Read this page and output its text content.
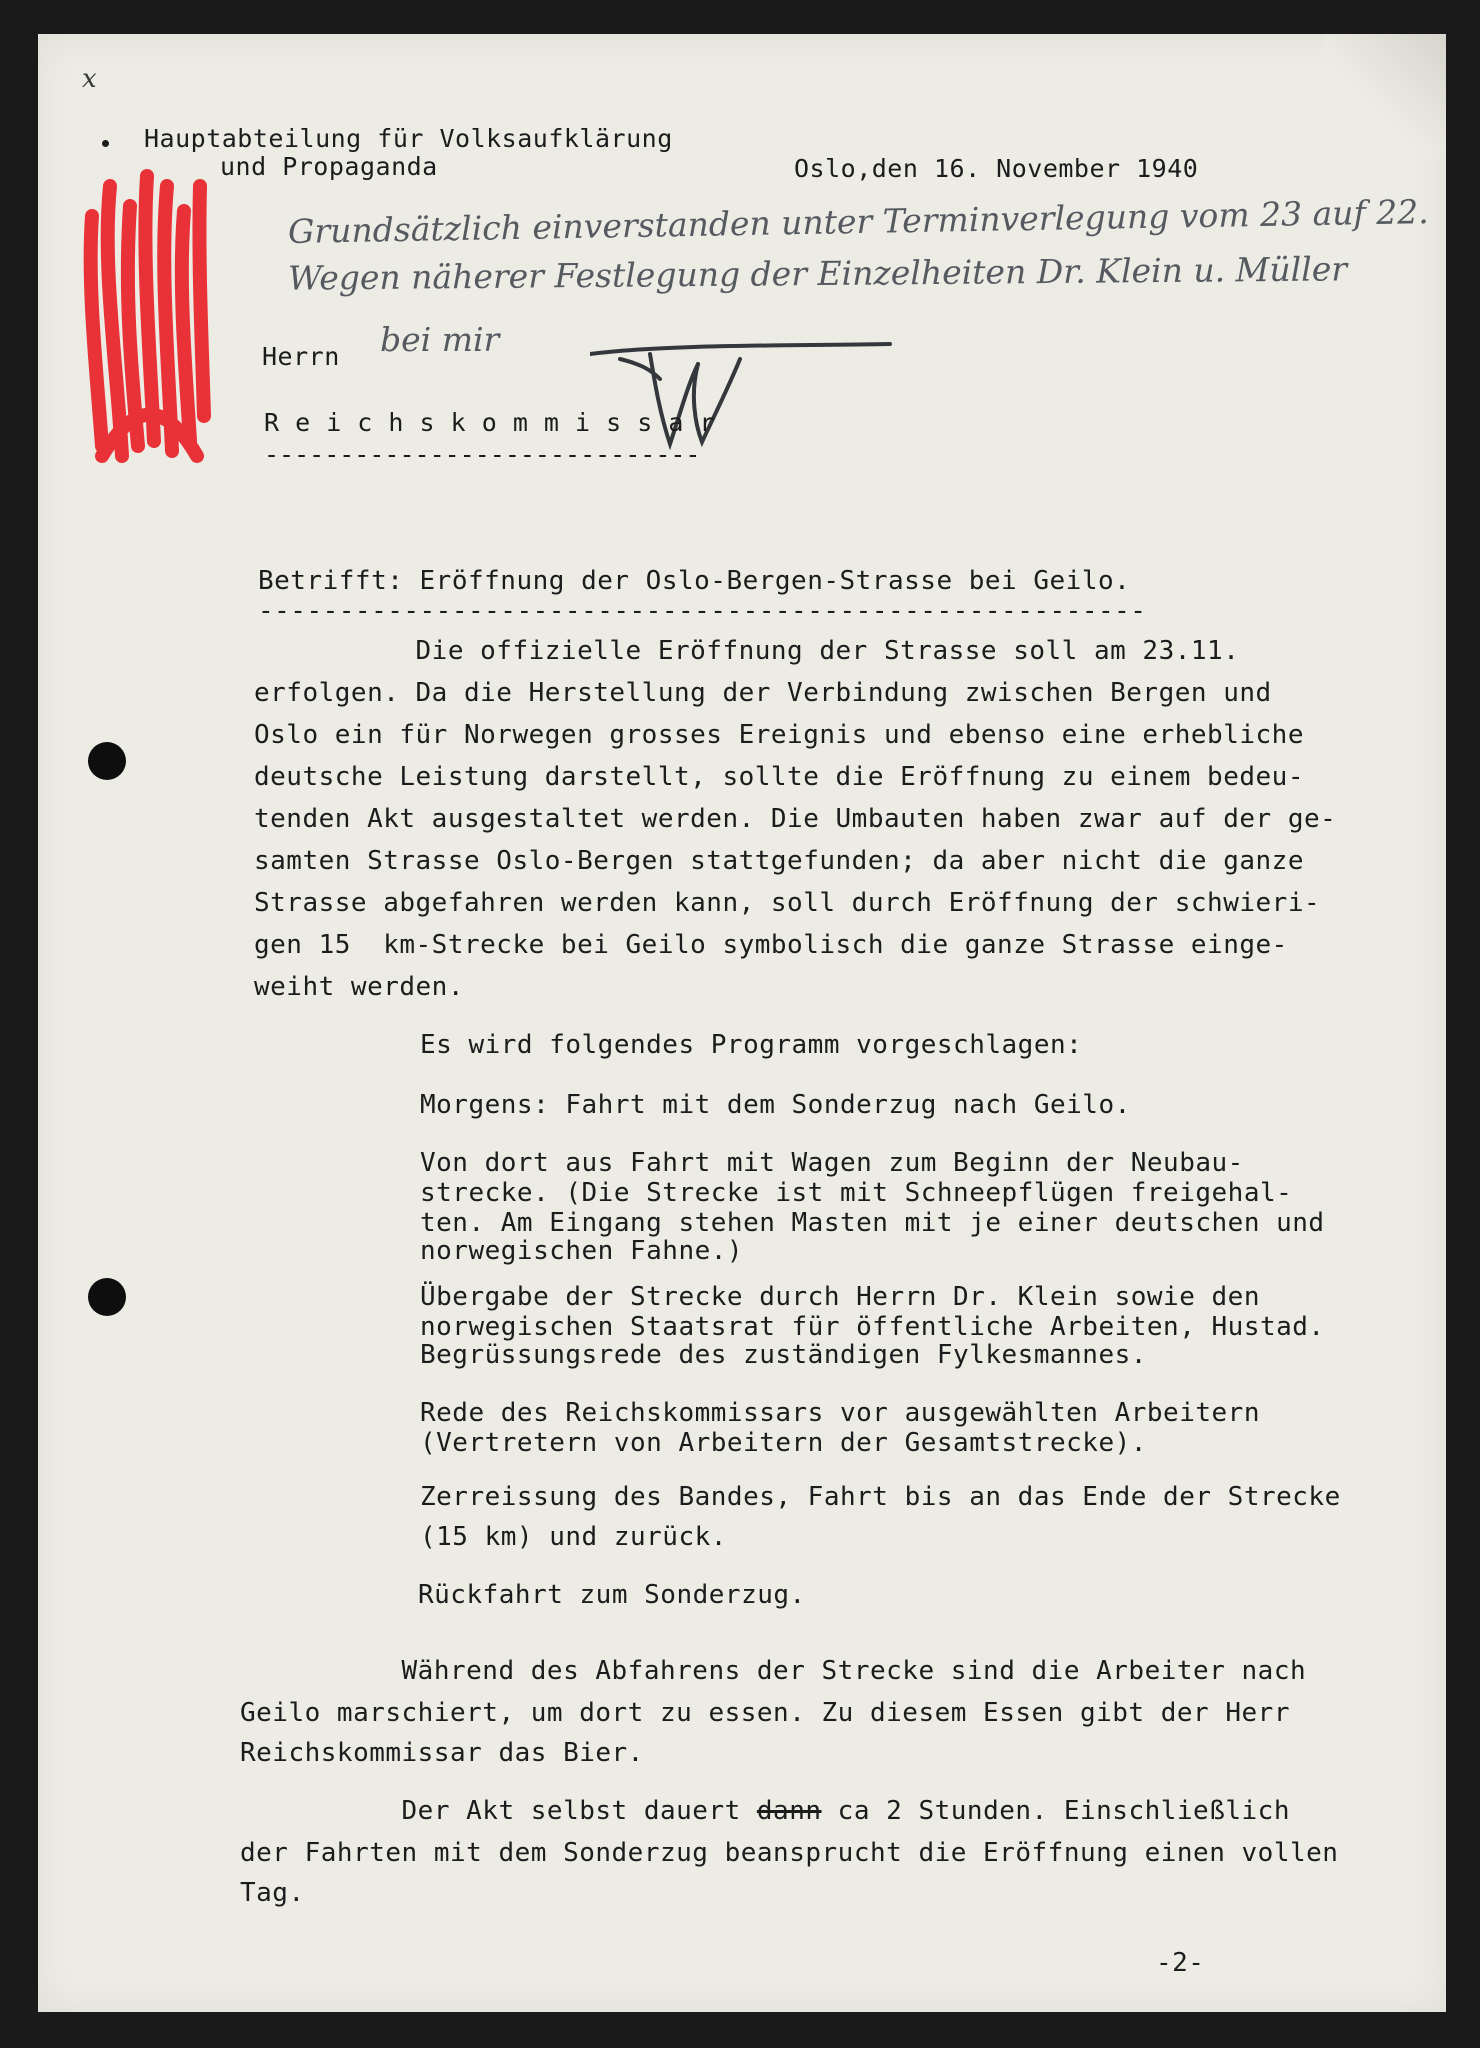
x

Hauptabteilung für Volksaufklärung

und Propaganda	Oslo,den 16. November 1940

Grundsätzlich einverstanden unter Terminverlegung vom 23 auf 22.

Wegen näherer Festlegung der Einzelheiten Dr. Klein u. Müller

bei mir

Herrn

R e i c h s k o m m i s s a r

-----------------------------

Betrifft: Eröffnung der Oslo-Bergen-Strasse bei Geilo.

-------------------------------------------------------

Die offizielle Eröffnung der Strasse soll am 23.11.

erfolgen. Da die Herstellung der Verbindung zwischen Bergen und

Oslo ein für Norwegen grosses Ereignis und ebenso eine erhebliche

deutsche Leistung darstellt, sollte die Eröffnung zu einem bedeu-

tenden Akt ausgestaltet werden. Die Umbauten haben zwar auf der ge-

samten Strasse Oslo-Bergen stattgefunden; da aber nicht die ganze

Strasse abgefahren werden kann, soll durch Eröffnung der schwieri-

gen 15  km-Strecke bei Geilo symbolisch die ganze Strasse einge-

weiht werden.

Es wird folgendes Programm vorgeschlagen:

Morgens: Fahrt mit dem Sonderzug nach Geilo.

Von dort aus Fahrt mit Wagen zum Beginn der Neubau-

strecke. (Die Strecke ist mit Schneepflügen freigehal-

ten. Am Eingang stehen Masten mit je einer deutschen und

norwegischen Fahne.)

Übergabe der Strecke durch Herrn Dr. Klein sowie den

norwegischen Staatsrat für öffentliche Arbeiten, Hustad.

Begrüssungsrede des zuständigen Fylkesmannes.

Rede des Reichskommissars vor ausgewählten Arbeitern

(Vertretern von Arbeitern der Gesamtstrecke).

Zerreissung des Bandes, Fahrt bis an das Ende der Strecke

(15 km) und zurück.

Rückfahrt zum Sonderzug.

Während des Abfahrens der Strecke sind die Arbeiter nach

Geilo marschiert, um dort zu essen. Zu diesem Essen gibt der Herr

Reichskommissar das Bier.

Der Akt selbst dauert dann ca 2 Stunden. Einschließlich

der Fahrten mit dem Sonderzug beansprucht die Eröffnung einen vollen

Tag.

-2-
